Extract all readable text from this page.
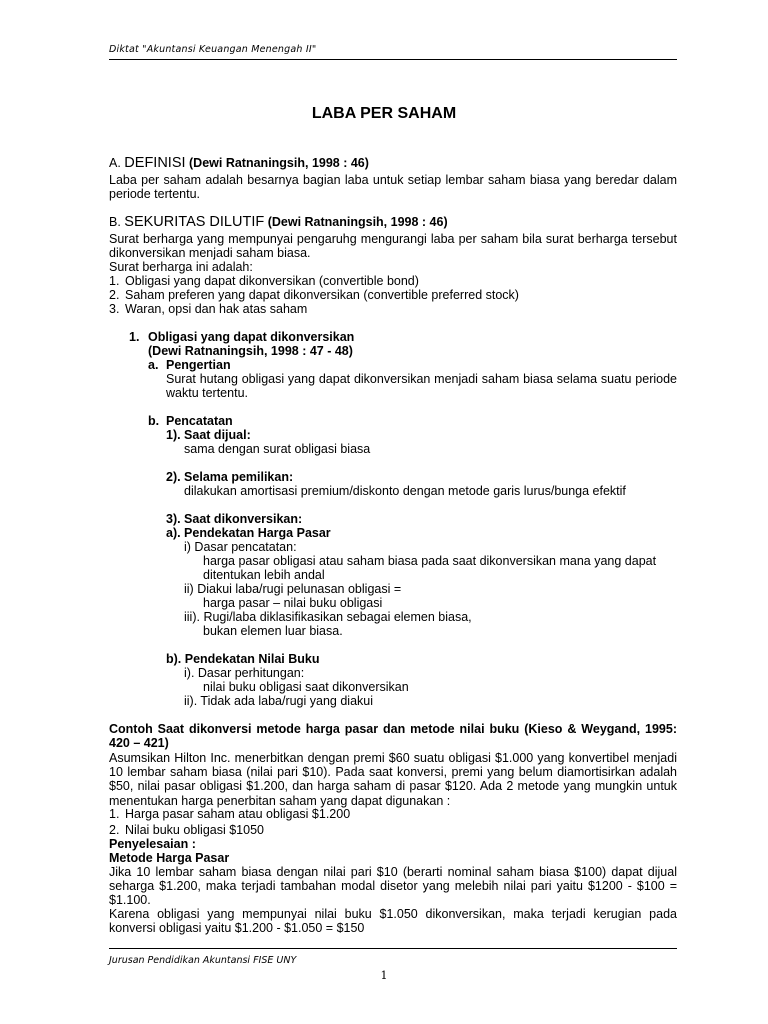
Diktat "Akuntansi Keuangan Menengah II"
LABA PER SAHAM
A. DEFINISI (Dewi Ratnaningsih, 1998 : 46)
Laba per saham adalah besarnya bagian laba untuk setiap lembar saham biasa yang beredar dalam periode tertentu.
B. SEKURITAS DILUTIF (Dewi Ratnaningsih, 1998 : 46)
Surat berharga yang mempunyai pengaruhg mengurangi laba per saham bila surat berharga tersebut dikonversikan menjadi saham biasa.
Surat berharga ini adalah:
1. Obligasi yang dapat dikonversikan (convertible bond)
2. Saham preferen yang dapat dikonversikan (convertible preferred stock)
3. Waran, opsi dan hak atas saham
1. Obligasi yang dapat dikonversikan
(Dewi Ratnaningsih, 1998 : 47 - 48)
a. Pengertian
Surat hutang obligasi yang dapat dikonversikan menjadi saham biasa selama suatu periode waktu tertentu.
b. Pencatatan
1). Saat dijual:
sama dengan surat obligasi biasa
2). Selama pemilikan:
dilakukan amortisasi premium/diskonto dengan metode garis lurus/bunga efektif
3). Saat dikonversikan:
a). Pendekatan Harga Pasar
i) Dasar pencatatan:
harga pasar obligasi atau saham biasa pada saat dikonversikan mana yang dapat
ditentukan lebih andal
ii) Diakui laba/rugi pelunasan obligasi =
harga pasar – nilai buku obligasi
iii). Rugi/laba diklasifikasikan sebagai elemen biasa,
bukan elemen luar biasa.
b). Pendekatan Nilai Buku
i). Dasar perhitungan:
nilai buku obligasi saat dikonversikan
ii). Tidak ada laba/rugi yang diakui
Contoh Saat dikonversi metode harga pasar dan metode nilai buku (Kieso & Weygand, 1995: 420 – 421)
Asumsikan Hilton Inc. menerbitkan dengan premi $60 suatu obligasi $1.000 yang konvertibel menjadi 10 lembar saham biasa (nilai pari $10). Pada saat konversi, premi yang belum diamortisirkan adalah $50, nilai pasar obligasi $1.200, dan harga saham di pasar $120. Ada 2 metode yang mungkin untuk menentukan harga penerbitan saham yang dapat digunakan :
1. Harga pasar saham atau obligasi $1.200
2. Nilai buku obligasi $1050
Penyelesaian :
Metode Harga Pasar
Jika 10 lembar saham biasa dengan nilai pari $10 (berarti nominal saham biasa $100) dapat dijual seharga $1.200, maka terjadi tambahan modal disetor yang melebih nilai pari yaitu $1200 - $100 = $1.100.
Karena obligasi yang mempunyai nilai buku $1.050 dikonversikan, maka terjadi kerugian pada konversi obligasi yaitu $1.200 - $1.050 = $150
Jurusan Pendidikan Akuntansi FISE UNY
1
